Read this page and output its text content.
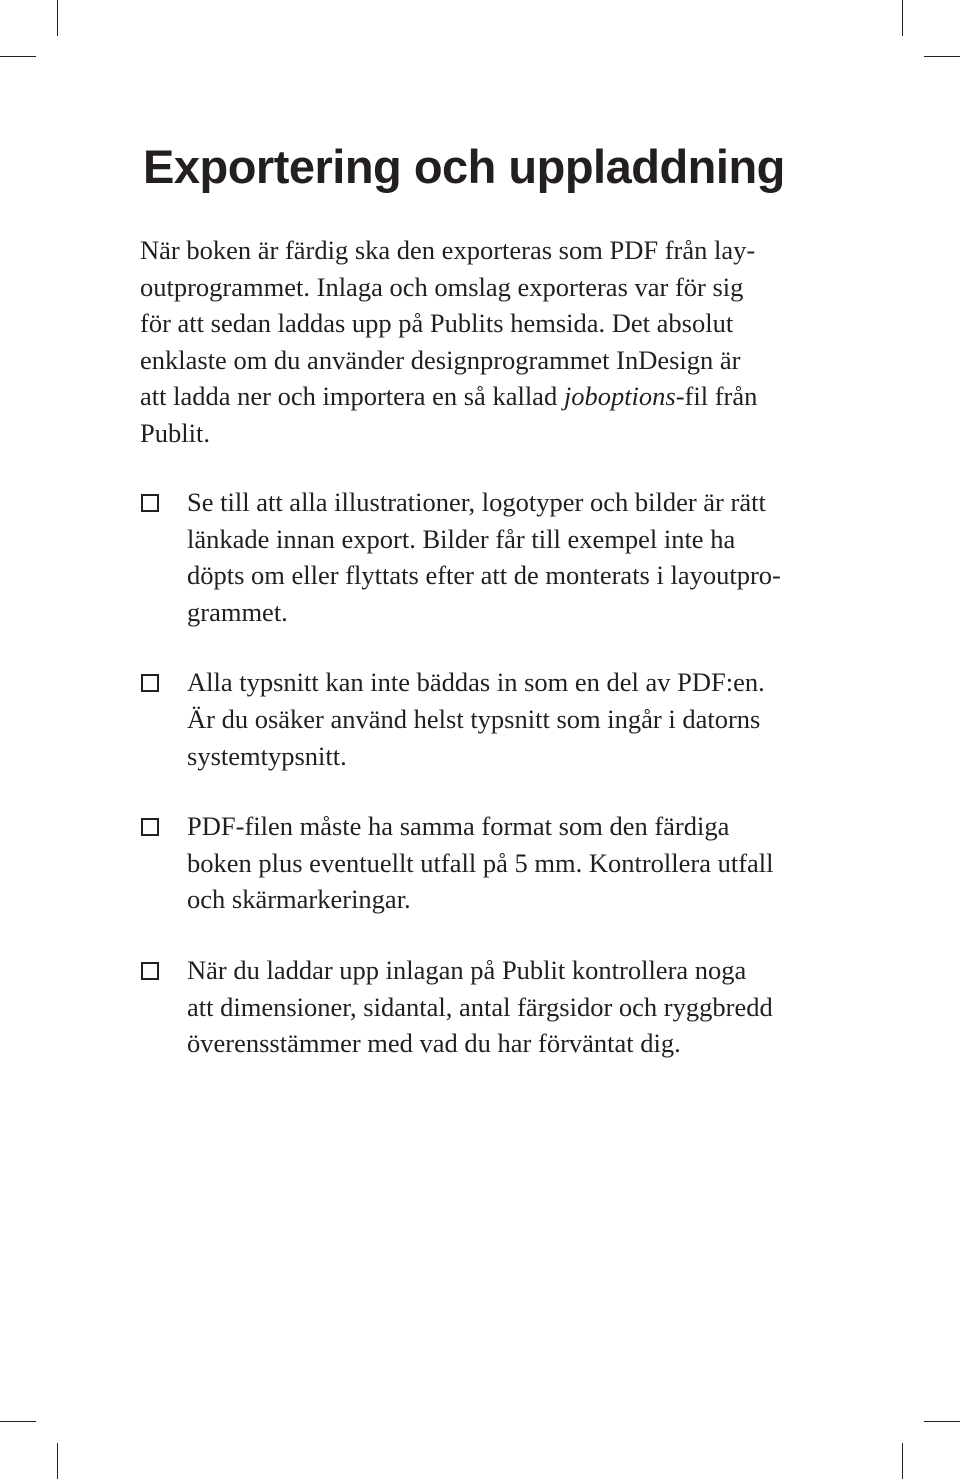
Exportering och uppladdning

När boken är färdig ska den exporteras som PDF från lay-
outprogrammet. Inlaga och omslag exporteras var för sig
för att sedan laddas upp på Publits hemsida. Det absolut
enklaste om du använder designprogrammet InDesign är
att ladda ner och importera en så kallad joboptions-fil från
Publit.

Se till att alla illustrationer, logotyper och bilder är rätt
länkade innan export. Bilder får till exempel inte ha
döpts om eller flyttats efter att de monterats i layoutpro-
grammet.
Alla typsnitt kan inte bäddas in som en del av PDF:en.
Är du osäker använd helst typsnitt som ingår i datorns
systemtypsnitt.
PDF-filen måste ha samma format som den färdiga
boken plus eventuellt utfall på 5 mm. Kontrollera utfall
och skärmarkeringar.
När du laddar upp inlagan på Publit kontrollera noga
att dimensioner, sidantal, antal färgsidor och ryggbredd
överensstämmer med vad du har förväntat dig.
